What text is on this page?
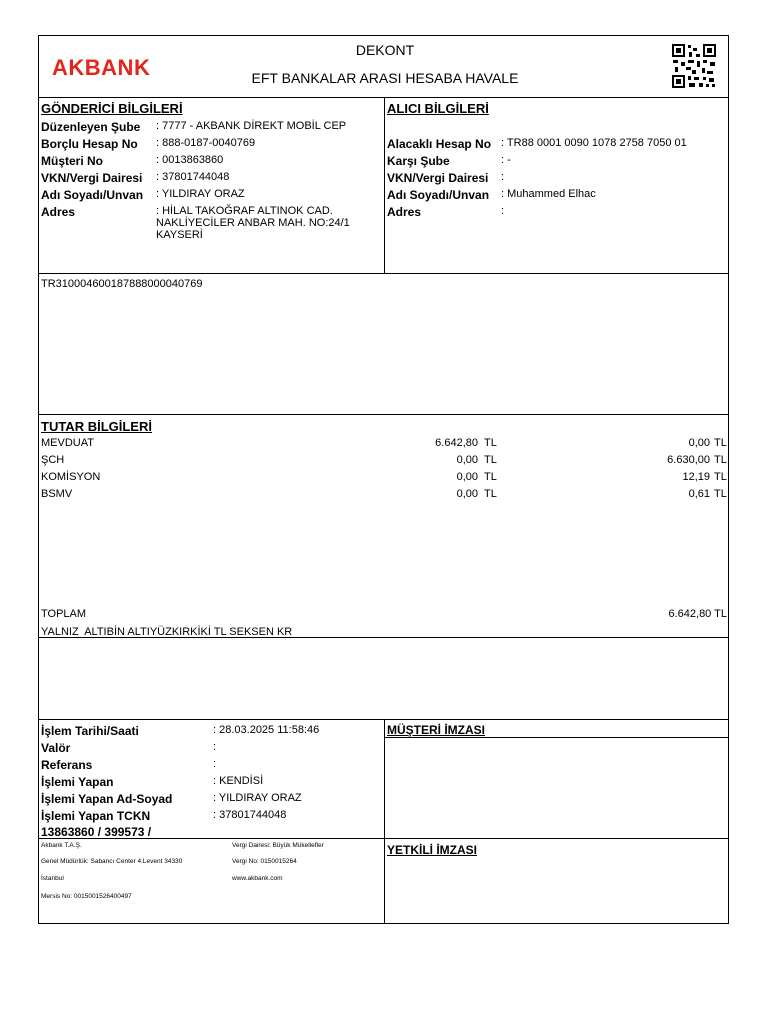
AKBANK
DEKONT
EFT BANKALAR ARASI HESABA HAVALE
GÖNDERİCİ BİLGİLERİ
Düzenleyen Şube : 7777 - AKBANK DİREKT MOBİL CEP
Borçlu Hesap No : 888-0187-0040769
Müşteri No	: 0013863860
VKN/Vergi Dairesi : 37801744048
Adı Soyadı/Unvan : YILDIRAY ORAZ
Adres	: HİLAL TAKOĞRAF ALTINOK CAD.
NAKLİYECİLER ANBAR MAH. NO:24/1
KAYSERİ
ALICI BİLGİLERİ
Alacaklı Hesap No : TR88 0001 0090 1078 2758 7050 01
Karşı Şube	: -
VKN/Vergi Dairesi :
Adı Soyadı/Unvan : Muhammed Elhac
Adres	:
TR3100046001878880000407​69
TUTAR BİLGİLERİ
MEVDUAT	6.642,80 TL	0,00 TL
ŞCH	0,00 TL	6.630,00 TL
KOMİSYON	0,00 TL	12,19 TL
BSMV	0,00 TL	0,61 TL
TOPLAM	6.642,80 TL
YALNIZ  ALTIBİN ALTIYÜZKIRKİKİ TL SEKSEN KR
İşlem Tarihi/Saati	: 28.03.2025 11:58:46
Valör	:
Referans	:
İşlemi Yapan	: KENDİSİ
İşlemi Yapan Ad-Soyad	: YILDIRAY ORAZ
İşlemi Yapan TCKN	: 37801744048
13863860 / 399573 /
MÜŞTERİ İMZASI
YETKİLİ İMZASI
Akbank T.A.Ş.
Genel Müdürlük: Sabancı Center 4.Levent 34330
İstanbul
Mersis No: 0015001526400497
Vergi Dairesi: Büyük Mükellefler
Vergi No: 0150015264
www.akbank.com
